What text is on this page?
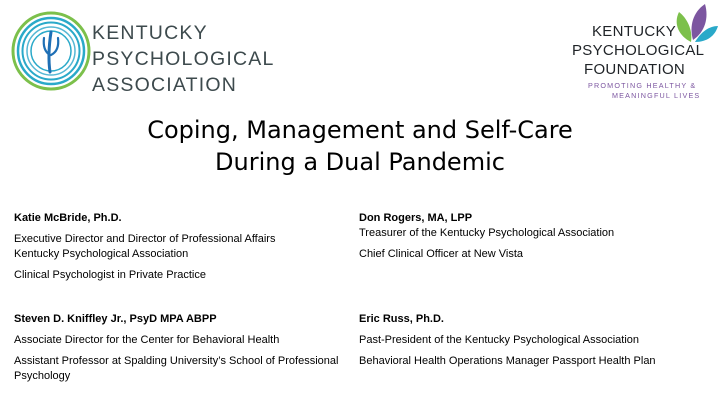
KENTUCKY
PSYCHOLOGICAL
ASSOCIATION
KENTUCKY
PSYCHOLOGICAL
FOUNDATION
PROMOTING HEALTHY &
MEANINGFUL LIVES
Coping, Management and Self-Care
During a Dual Pandemic
Katie McBride, Ph.D.
Executive Director and Director of Professional Affairs
Kentucky Psychological Association
Clinical Psychologist in Private Practice
Don Rogers, MA, LPP
Treasurer of the Kentucky Psychological Association
Chief Clinical Officer at New Vista
Steven D. Kniffley Jr., PsyD MPA ABPP
Associate Director for the Center for Behavioral Health
Assistant Professor at Spalding University’s School of Professional Psychology
Eric Russ, Ph.D.
Past-President of the Kentucky Psychological Association
Behavioral Health Operations Manager Passport Health Plan
